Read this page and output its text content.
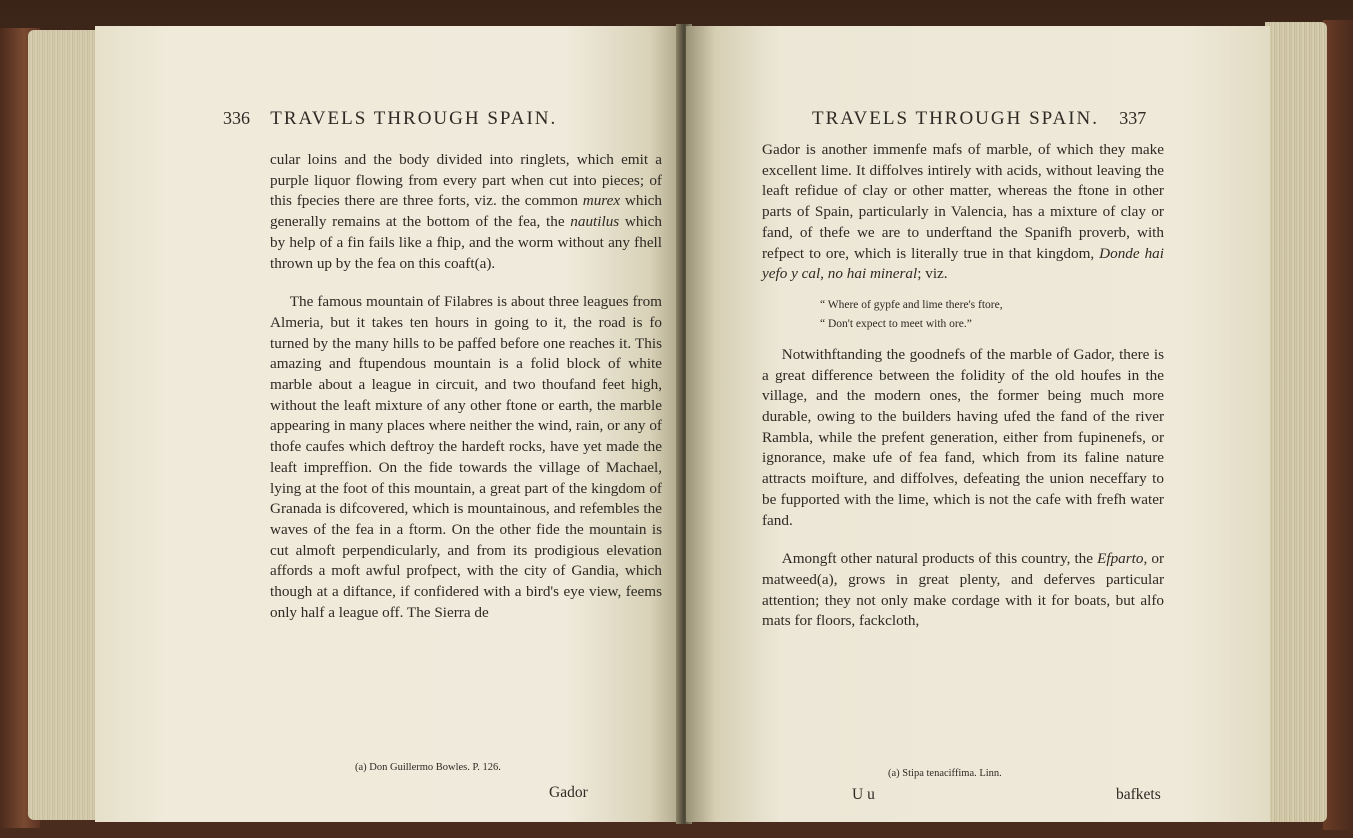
336 TRAVELS THROUGH SPAIN.

cular loins and the body divided into ringlets, which emit a purple liquor flowing from every part when cut into pieces; of this fpecies there are three forts, viz. the common murex which generally remains at the bottom of the fea, the nautilus which by help of a fin fails like a fhip, and the worm without any fhell thrown up by the fea on this coaft(a).

The famous mountain of Filabres is about three leagues from Almeria, but it takes ten hours in going to it, the road is fo turned by the many hills to be paffed before one reaches it. This amazing and ftupendous mountain is a folid block of white marble about a league in circuit, and two thoufand feet high, without the leaft mixture of any other ftone or earth, the marble appearing in many places where neither the wind, rain, or any of thofe caufes which deftroy the hardeft rocks, have yet made the leaft impreffion. On the fide towards the village of Machael, lying at the foot of this mountain, a great part of the kingdom of Granada is difcovered, which is mountainous, and refembles the waves of the fea in a ftorm. On the other fide the mountain is cut almoft perpendicularly, and from its prodigious elevation affords a moft awful profpect, with the city of Gandia, which though at a diftance, if confidered with a bird's eye view, feems only half a league off. The Sierra de

(a) Don Guillermo Bowles. P. 126.
Gador
TRAVELS THROUGH SPAIN. 337

Gador is another immenfe mafs of marble, of which they make excellent lime. It diffolves intirely with acids, without leaving the leaft refidue of clay or other matter, whereas the ftone in other parts of Spain, particularly in Valencia, has a mixture of clay or fand, of thefe we are to underftand the Spanifh proverb, with refpect to ore, which is literally true in that kingdom, Donde hai yefo y cal, no hai mineral; viz.

“ Where of gypfe and lime there's ftore,
“ Don't expect to meet with ore.”

Notwithftanding the goodnefs of the marble of Gador, there is a great difference between the folidity of the old houfes in the village, and the modern ones, the former being much more durable, owing to the builders having ufed the fand of the river Rambla, while the prefent generation, either from fupinenefs, or ignorance, make ufe of fea fand, which from its faline nature attracts moifture, and diffolves, defeating the union neceffary to be fupported with the lime, which is not the cafe with frefh water fand.

Amongft other natural products of this country, the Efparto, or matweed(a), grows in great plenty, and deferves particular attention; they not only make cordage with it for boats, but alfo mats for floors, fackcloth,

(a) Stipa tenaciffima. Linn.
U u	bafkets
